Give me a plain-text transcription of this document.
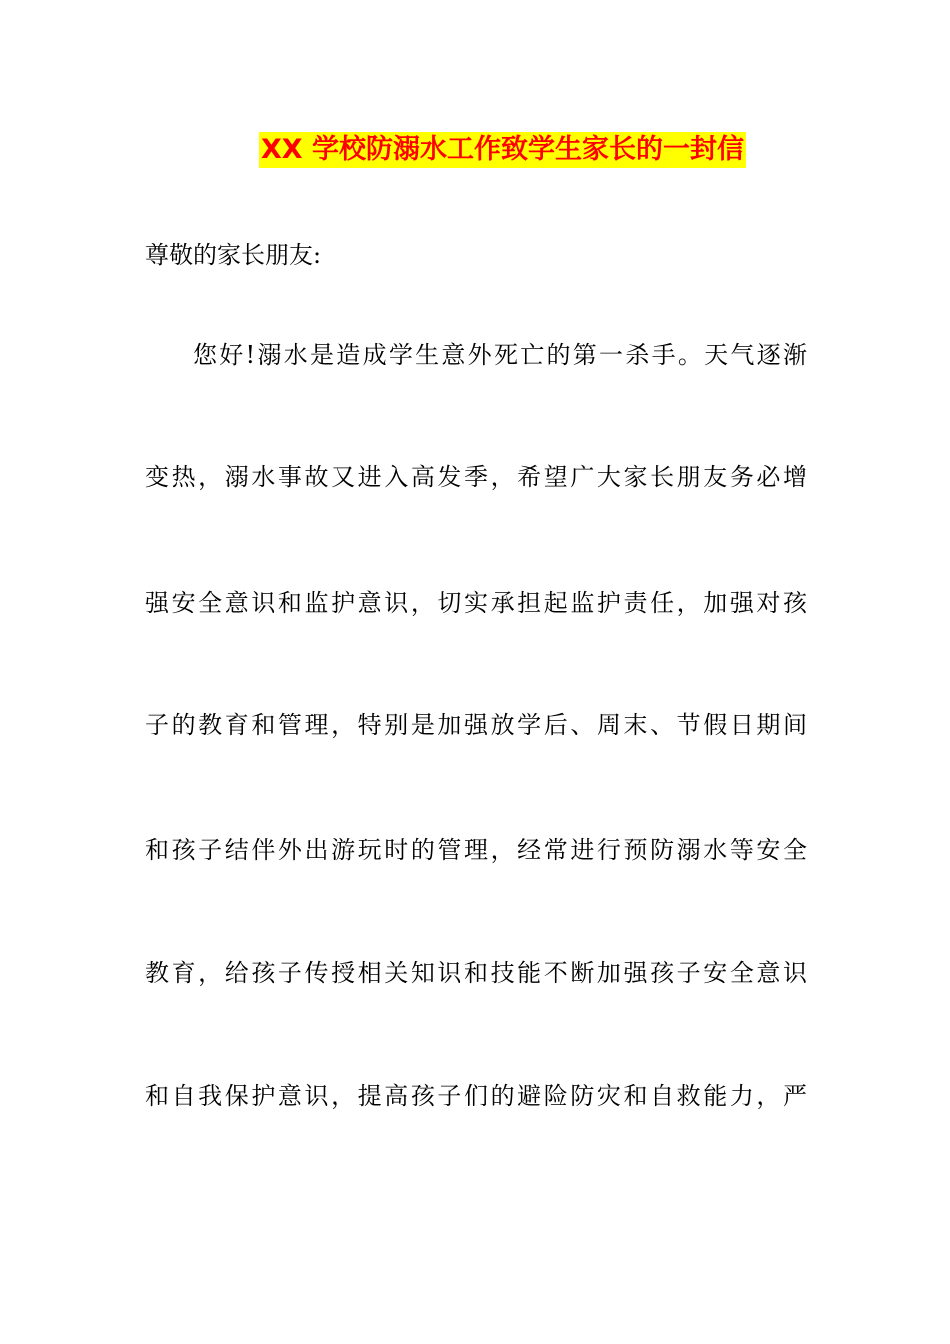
XX 学校防溺水工作致学生家长的一封信
尊敬的家长朋友:
您好!溺水是造成学生意外死亡的第一杀手。天气逐渐
变热，溺水事故又进入高发季，希望广大家长朋友务必增
强安全意识和监护意识，切实承担起监护责任，加强对孩
子的教育和管理，特别是加强放学后、周末、节假日期间
和孩子结伴外出游玩时的管理，经常进行预防溺水等安全
教育，给孩子传授相关知识和技能不断加强孩子安全意识
和自我保护意识，提高孩子们的避险防灾和自救能力，严
